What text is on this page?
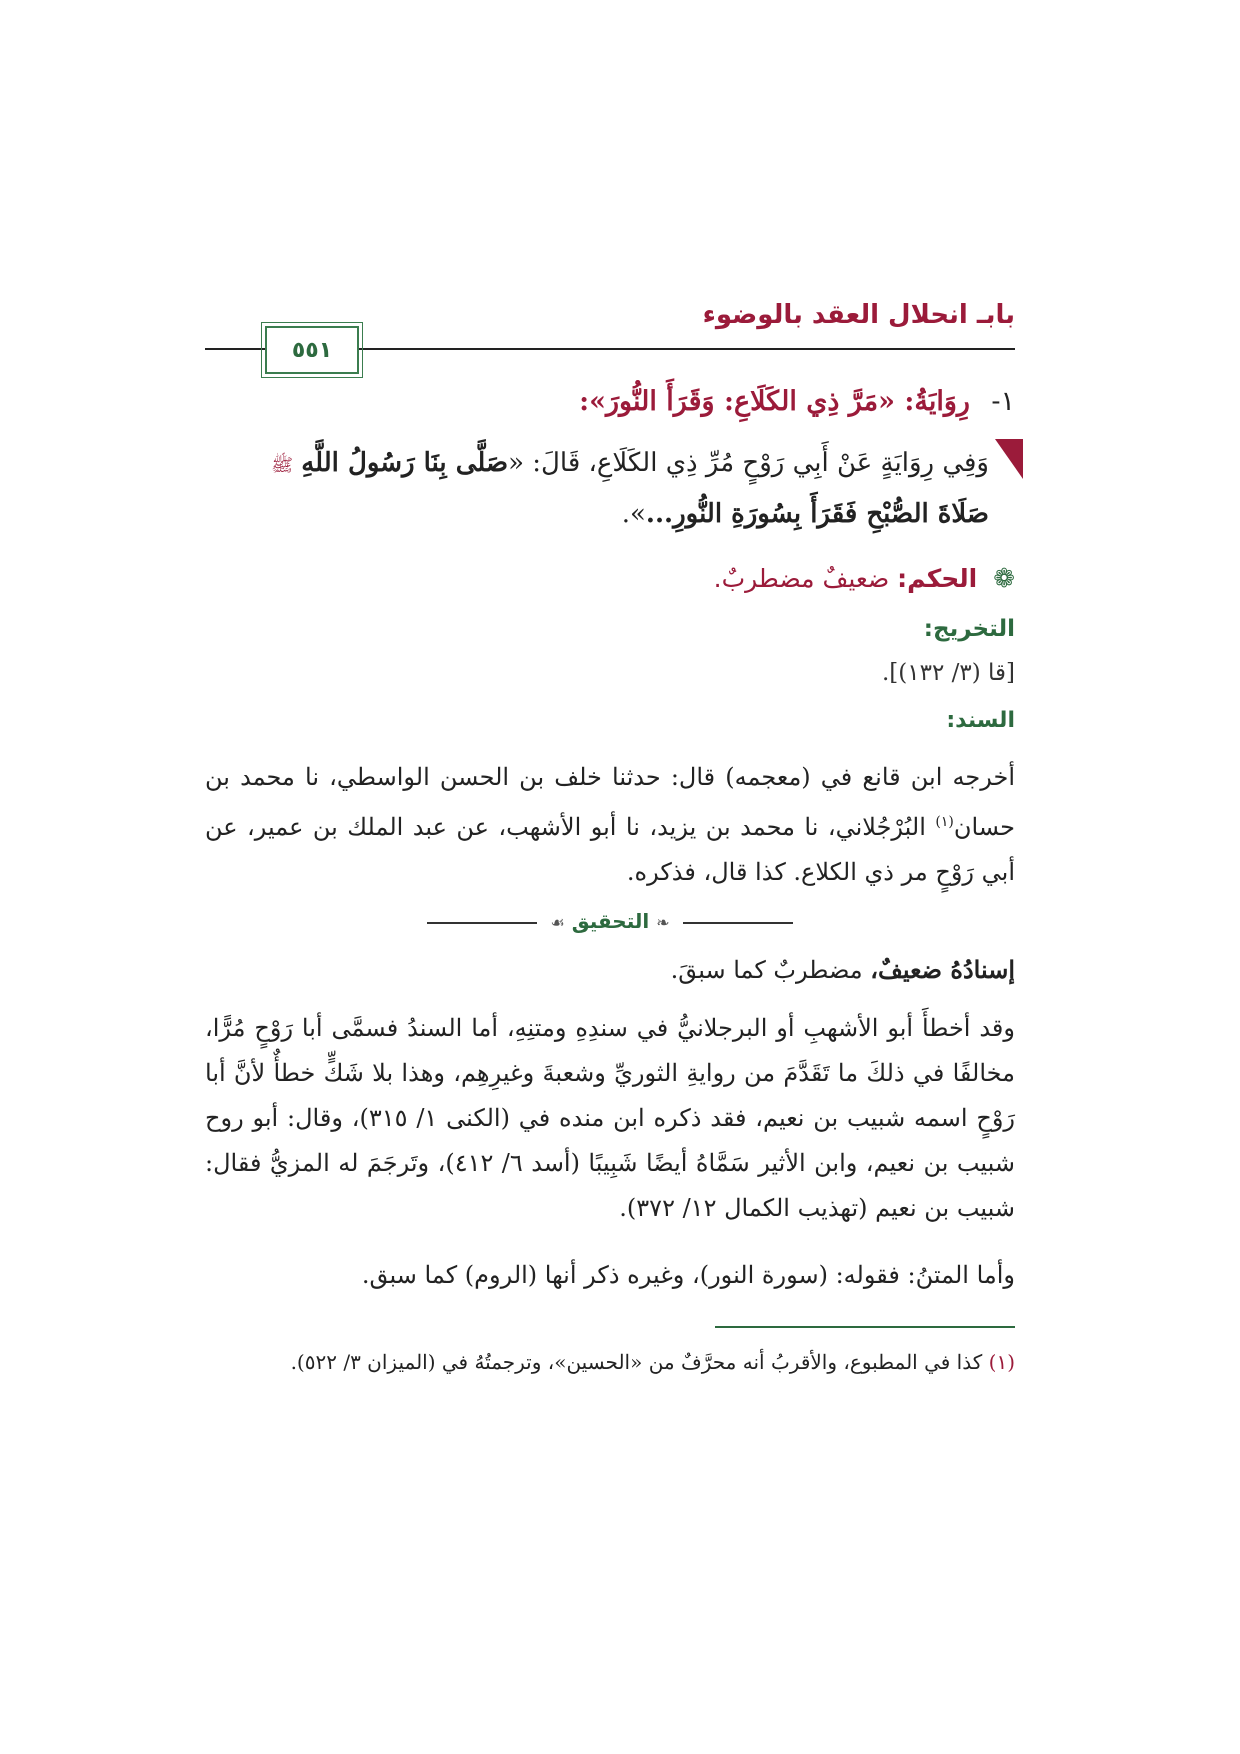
بابـ انحلال العقد بالوضوء
٥٥١
١- رِوَايَةُ: «مَرَّ ذِي الكَلَاعِ: وَقَرَأَ النُّورَ»:
وَفِي رِوَايَةٍ عَنْ أَبِي رَوْحٍ مُرِّ ذِي الكَلَاعِ، قَالَ: «صَلَّى بِنَا رَسُولُ اللَّهِ ﷺ
صَلَاةَ الصُّبْحِ فَقَرَأَ بِسُورَةِ النُّورِ...».
❁ الحكم: ضعيفٌ مضطربٌ.
التخريج:
[قا (٣/ ١٣٢)].
السند:
أخرجه ابن قانع في (معجمه) قال: حدثنا خلف بن الحسن الواسطي، نا محمد بن حسان$^{(١)}$ البُرْجُلاني، نا محمد بن يزيد، نا أبو الأشهب، عن عبد الملك بن عمير، عن أبي رَوْحٍ مر ذي الكلاع. كذا قال، فذكره.
❧ التحقيق ☙
إسنادُهُ ضعيفٌ، مضطربٌ كما سبقَ.
وقد أخطأَ أبو الأشهبِ أو البرجلانيُّ في سندِهِ ومتنِهِ، أما السندُ فسمَّى أبا رَوْحٍ مُرًّا، مخالفًا في ذلكَ ما تَقَدَّمَ من روايةِ الثوريِّ وشعبةَ وغيرِهِم، وهذا بلا شَكٍّ خطأٌ لأنَّ أبا رَوْحٍ اسمه شبيب بن نعيم، فقد ذكره ابن منده في (الكنى ١/ ٣١٥)، وقال: أبو روح شبيب بن نعيم، وابن الأثير سَمَّاهُ أيضًا شَبِيبًا (أسد ٦/ ٤١٢)، وتَرجَمَ له المزيُّ فقال: شبيب بن نعيم (تهذيب الكمال ١٢/ ٣٧٢).
وأما المتنُ: فقوله: (سورة النور)، وغيره ذكر أنها (الروم) كما سبق.
(١) كذا في المطبوع، والأقربُ أنه محرَّفٌ من «الحسين»، وترجمتُهُ في (الميزان ٣/ ٥٢٢).
